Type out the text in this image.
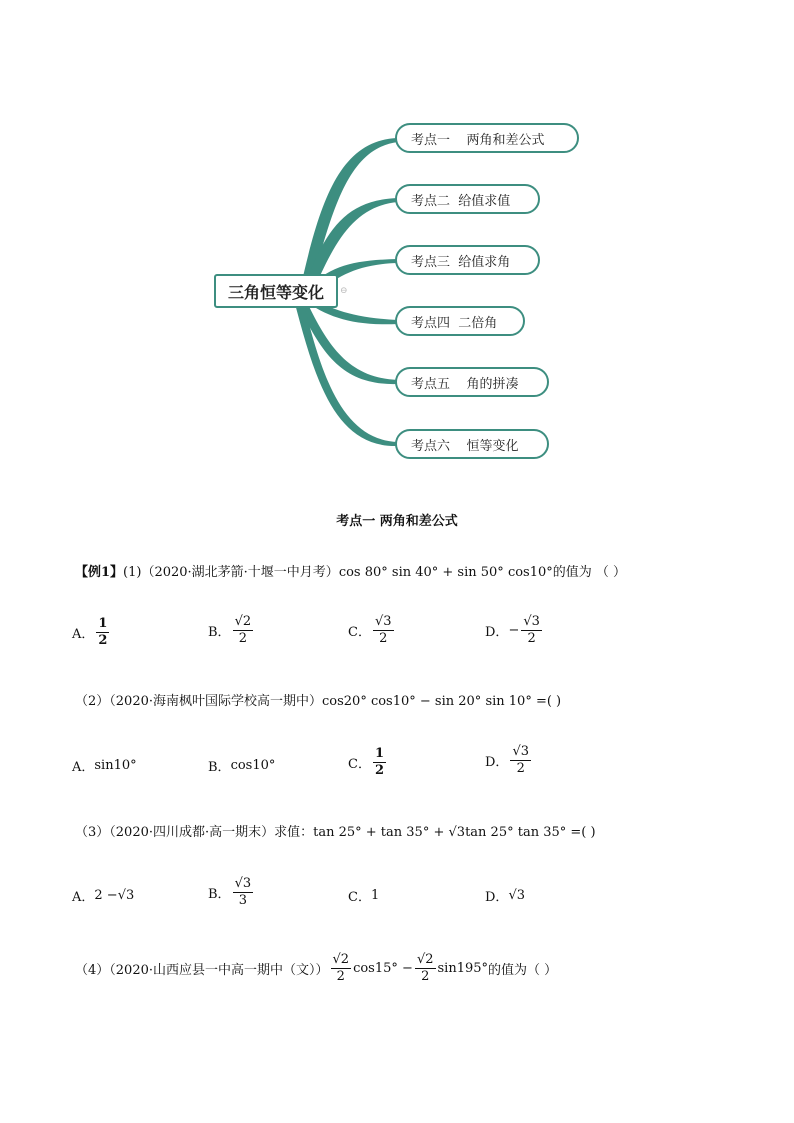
三角恒等变化	⊖
考点一    两角和差公式
考点二  给值求值
考点三  给值求角
考点四  二倍角
考点五    角的拼凑
考点六    恒等变化
考点一 两角和差公式
【例1】(1)（2020·湖北茅箭·十堰一中月考）cos 80° sin 40° + sin 50° cos10°的值为 （ ）
A． $\frac{1}{2}$	B． $\frac{√2}{2}$	C． $\frac{√3}{2}$	D． − $\frac{√3}{2}$
（2）（2020·海南枫叶国际学校高一期中）cos20° cos10° − sin 20° sin 10° =( )
A． sin10°	B． cos10°	C． $\frac{1}{2}$	D． $\frac{√3}{2}$
（3）（2020·四川成都·高一期末）求值：tan 25° + tan 35° + √3tan 25° tan 35° =( )
A． 2 − √3	B． $\frac{√3}{3}$	C． 1	D． √3
（4）（2020·山西应县一中高一期中（文）） $\frac{√2}{2} \cos 15^\circ - \frac{√2}{2} \sin 195^\circ$ 的值为（ ）
